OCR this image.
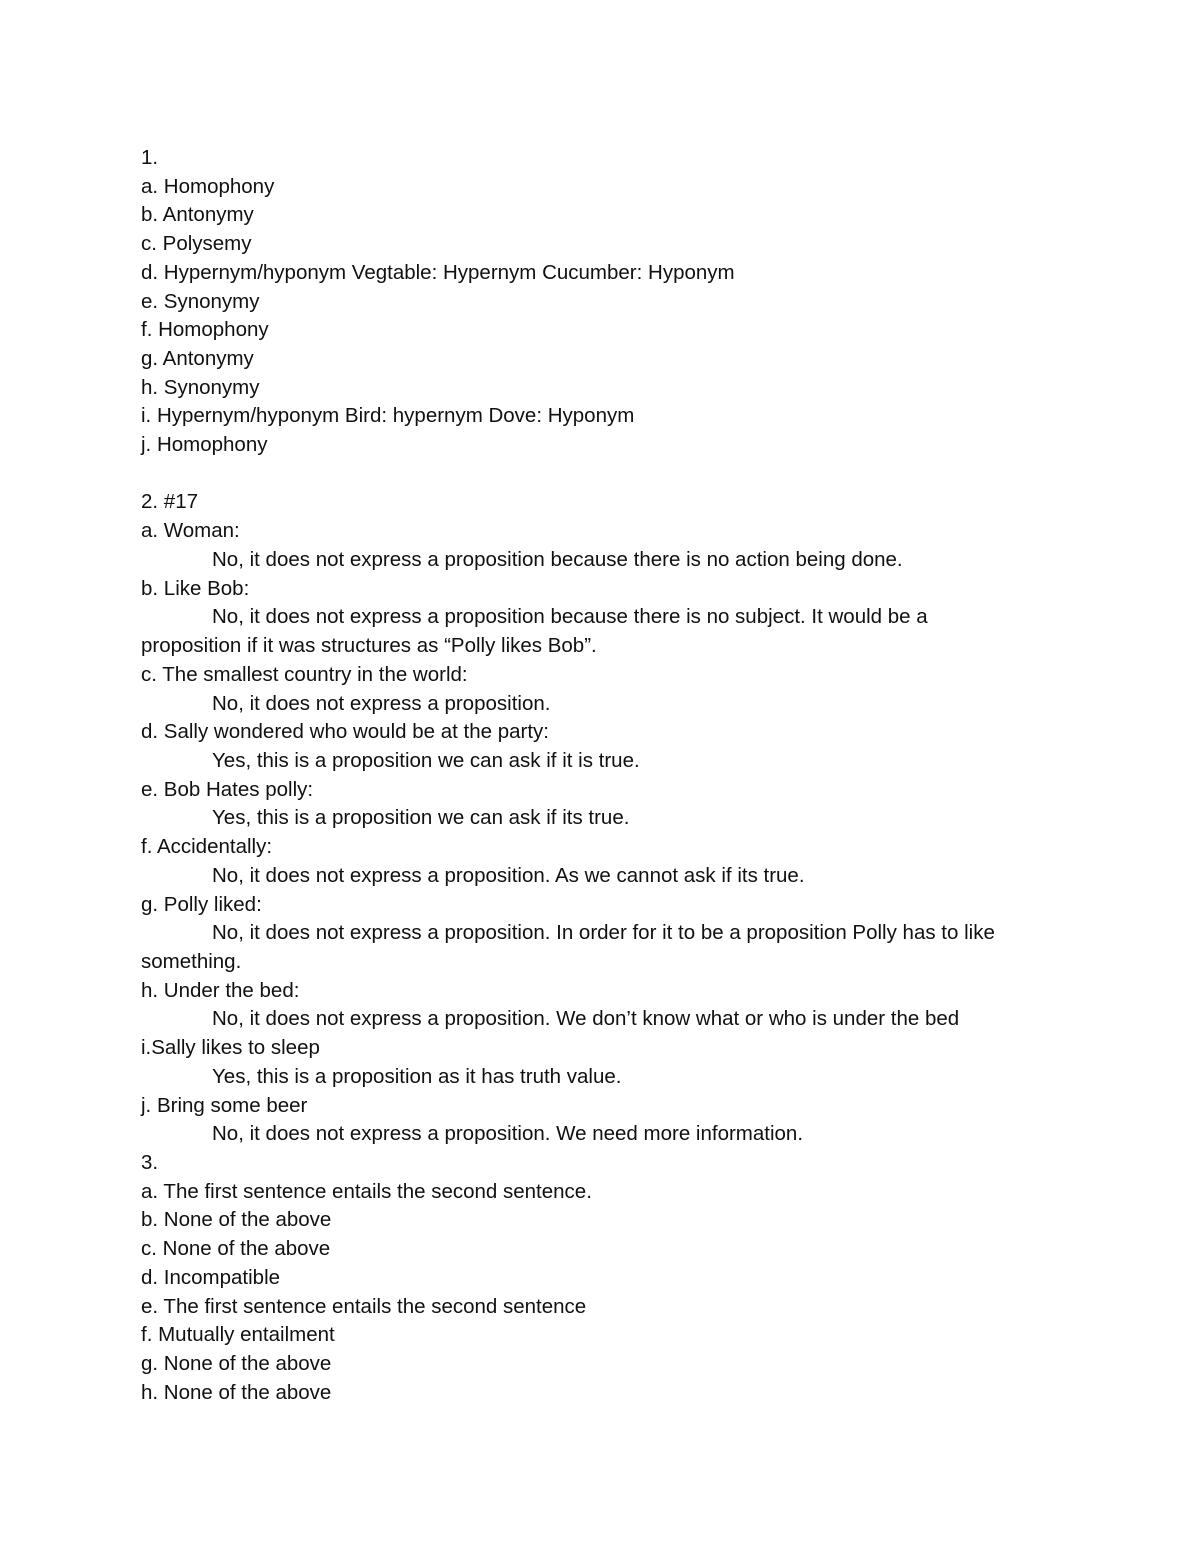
1.

a. Homophony

b. Antonymy

c. Polysemy

d. Hypernym/hyponym Vegtable: Hypernym Cucumber: Hyponym

e. Synonymy

f. Homophony

g. Antonymy

h. Synonymy

i. Hypernym/hyponym Bird: hypernym Dove: Hyponym

j. Homophony

2. #17

a. Woman:

No, it does not express a proposition because there is no action being done.

b. Like Bob:

No, it does not express a proposition because there is no subject. It would be a

proposition if it was structures as “Polly likes Bob”.

c. The smallest country in the world:

No, it does not express a proposition.

d. Sally wondered who would be at the party:

Yes, this is a proposition we can ask if it is true.

e. Bob Hates polly:

Yes, this is a proposition we can ask if its true.

f. Accidentally:

No, it does not express a proposition. As we cannot ask if its true.

g. Polly liked:

No, it does not express a proposition. In order for it to be a proposition Polly has to like

something.

h. Under the bed:

No, it does not express a proposition. We don’t know what or who is under the bed

i.Sally likes to sleep

Yes, this is a proposition as it has truth value.

j. Bring some beer

No, it does not express a proposition. We need more information.

3.

a. The first sentence entails the second sentence.

b. None of the above

c. None of the above

d. Incompatible

e. The first sentence entails the second sentence

f. Mutually entailment

g. None of the above

h. None of the above
